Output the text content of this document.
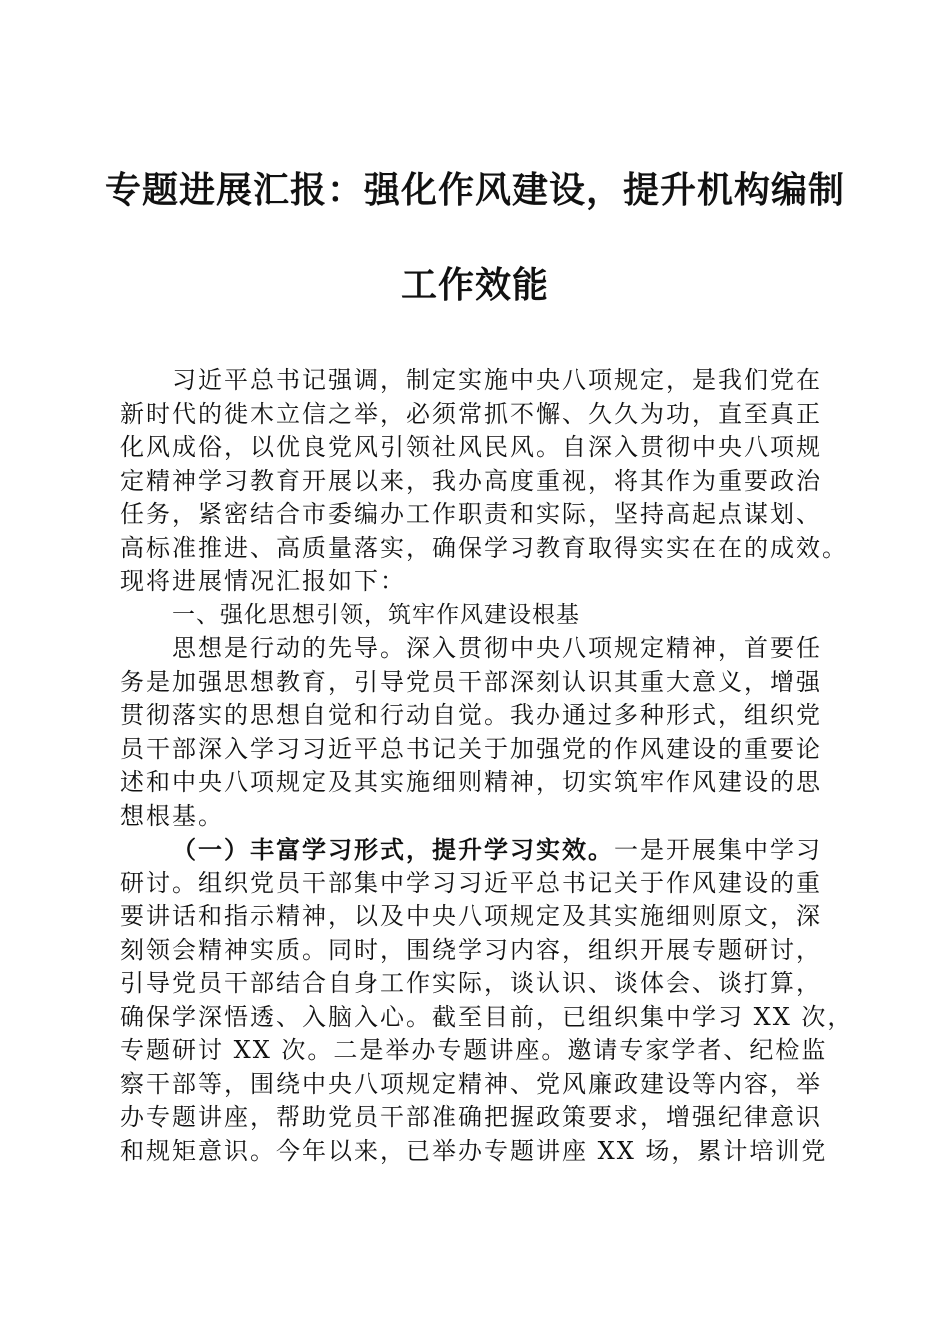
专题进展汇报：强化作风建设，提升机构编制
工作效能
习近平总书记强调，制定实施中央八项规定，是我们党在
新时代的徙木立信之举，必须常抓不懈、久久为功，直至真正
化风成俗，以优良党风引领社风民风。自深入贯彻中央八项规
定精神学习教育开展以来，我办高度重视，将其作为重要政治
任务，紧密结合市委编办工作职责和实际，坚持高起点谋划、
高标准推进、高质量落实，确保学习教育取得实实在在的成效。
现将进展情况汇报如下：
一、强化思想引领，筑牢作风建设根基
思想是行动的先导。深入贯彻中央八项规定精神，首要任
务是加强思想教育，引导党员干部深刻认识其重大意义，增强
贯彻落实的思想自觉和行动自觉。我办通过多种形式，组织党
员干部深入学习习近平总书记关于加强党的作风建设的重要论
述和中央八项规定及其实施细则精神，切实筑牢作风建设的思
想根基。
（一）丰富学习形式，提升学习实效。一是开展集中学习
研讨。组织党员干部集中学习习近平总书记关于作风建设的重
要讲话和指示精神，以及中央八项规定及其实施细则原文，深
刻领会精神实质。同时，围绕学习内容，组织开展专题研讨，
引导党员干部结合自身工作实际，谈认识、谈体会、谈打算，
确保学深悟透、入脑入心。截至目前，已组织集中学习 XX 次，
专题研讨 XX 次。二是举办专题讲座。邀请专家学者、纪检监
察干部等，围绕中央八项规定精神、党风廉政建设等内容，举
办专题讲座，帮助党员干部准确把握政策要求，增强纪律意识
和规矩意识。今年以来，已举办专题讲座 XX 场，累计培训党
